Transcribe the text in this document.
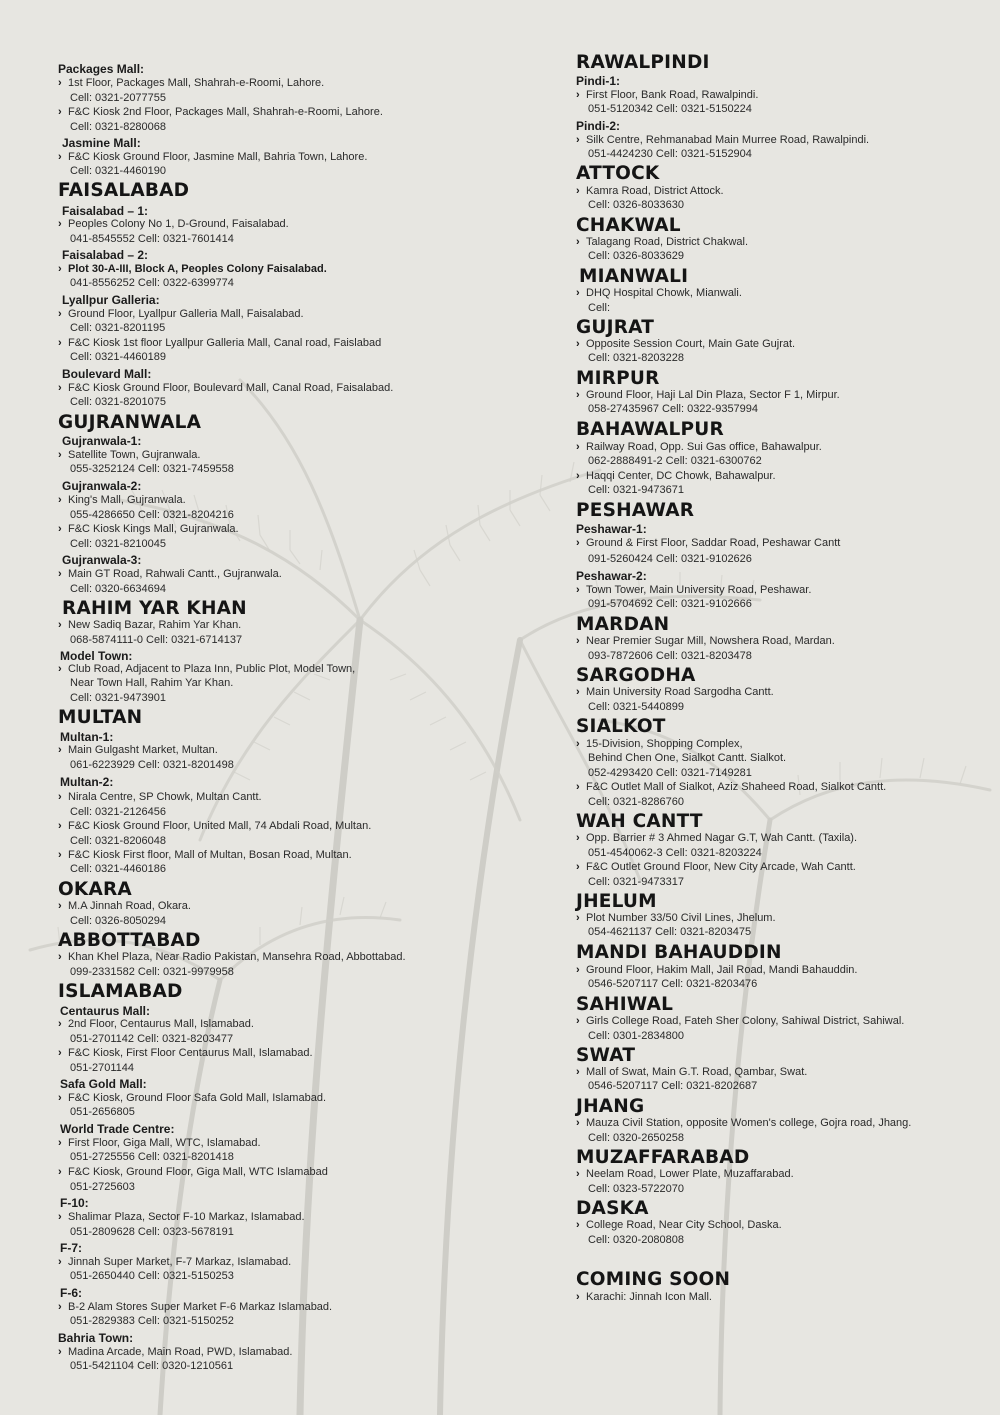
Packages Mall:
› 1st Floor, Packages Mall, Shahrah-e-Roomi, Lahore.
Cell: 0321-2077755
› F&C Kiosk 2nd Floor, Packages Mall, Shahrah-e-Roomi, Lahore.
Cell: 0321-8280068
Jasmine Mall:
› F&C Kiosk Ground Floor, Jasmine Mall, Bahria Town, Lahore.
Cell: 0321-4460190
FAISALABAD
Faisalabad – 1:
› Peoples Colony No 1, D-Ground, Faisalabad.
041-8545552 Cell: 0321-7601414
Faisalabad – 2:
› Plot 30-A-III, Block A, Peoples Colony Faisalabad.
041-8556252 Cell: 0322-6399774
Lyallpur Galleria:
› Ground Floor, Lyallpur Galleria Mall, Faisalabad.
Cell: 0321-8201195
› F&C Kiosk 1st floor Lyallpur Galleria Mall, Canal road, Faislabad
Cell: 0321-4460189
Boulevard Mall:
› F&C Kiosk Ground Floor, Boulevard Mall, Canal Road, Faisalabad.
Cell: 0321-8201075
GUJRANWALA
Gujranwala-1:
› Satellite Town, Gujranwala.
055-3252124 Cell: 0321-7459558
Gujranwala-2:
› King's Mall, Gujranwala.
055-4286650 Cell: 0321-8204216
› F&C Kiosk Kings Mall, Gujranwala.
Cell: 0321-8210045
Gujranwala-3:
› Main GT Road, Rahwali Cantt., Gujranwala.
Cell: 0320-6634694
RAHIM YAR KHAN
› New Sadiq Bazar, Rahim Yar Khan.
068-5874111-0 Cell: 0321-6714137
Model Town:
› Club Road, Adjacent to Plaza Inn, Public Plot, Model Town,
Near Town Hall, Rahim Yar Khan.
Cell: 0321-9473901
MULTAN
Multan-1:
› Main Gulgasht Market, Multan.
061-6223929 Cell: 0321-8201498
Multan-2:
› Nirala Centre, SP Chowk, Multan Cantt.
Cell: 0321-2126456
› F&C Kiosk Ground Floor, United Mall, 74 Abdali Road, Multan.
Cell: 0321-8206048
› F&C Kiosk First floor, Mall of Multan, Bosan Road, Multan.
Cell: 0321-4460186
OKARA
› M.A Jinnah Road, Okara.
Cell: 0326-8050294
ABBOTTABAD
› Khan Khel Plaza, Near Radio Pakistan, Mansehra Road, Abbottabad.
099-2331582 Cell: 0321-9979958
ISLAMABAD
Centaurus Mall:
› 2nd Floor, Centaurus Mall, Islamabad.
051-2701142 Cell: 0321-8203477
› F&C Kiosk, First Floor Centaurus Mall, Islamabad.
051-2701144
Safa Gold Mall:
› F&C Kiosk, Ground Floor Safa Gold Mall, Islamabad.
051-2656805
World Trade Centre:
› First Floor, Giga Mall, WTC, Islamabad.
051-2725556 Cell: 0321-8201418
› F&C Kiosk, Ground Floor, Giga Mall, WTC Islamabad
051-2725603
F-10:
› Shalimar Plaza, Sector F-10 Markaz, Islamabad.
051-2809628 Cell: 0323-5678191
F-7:
› Jinnah Super Market, F-7 Markaz, Islamabad.
051-2650440 Cell: 0321-5150253
F-6:
› B-2 Alam Stores Super Market F-6 Markaz Islamabad.
051-2829383 Cell: 0321-5150252
Bahria Town:
› Madina Arcade, Main Road, PWD, Islamabad.
051-5421104 Cell: 0320-1210561
RAWALPINDI
Pindi-1:
› First Floor, Bank Road, Rawalpindi.
051-5120342 Cell: 0321-5150224
Pindi-2:
› Silk Centre, Rehmanabad Main Murree Road, Rawalpindi.
051-4424230 Cell: 0321-5152904
ATTOCK
› Kamra Road, District Attock.
Cell: 0326-8033630
CHAKWAL
› Talagang Road, District Chakwal.
Cell: 0326-8033629
MIANWALI
› DHQ Hospital Chowk, Mianwali.
Cell:
GUJRAT
› Opposite Session Court, Main Gate Gujrat.
Cell: 0321-8203228
MIRPUR
› Ground Floor, Haji Lal Din Plaza, Sector F 1, Mirpur.
058-27435967 Cell: 0322-9357994
BAHAWALPUR
› Railway Road, Opp. Sui Gas office, Bahawalpur.
062-2888491-2 Cell: 0321-6300762
› Haqqi Center, DC Chowk, Bahawalpur.
Cell: 0321-9473671
PESHAWAR
Peshawar-1:
› Ground & First Floor, Saddar Road, Peshawar Cantt
091-5260424 Cell: 0321-9102626
Peshawar-2:
› Town Tower, Main University Road, Peshawar.
091-5704692 Cell: 0321-9102666
MARDAN
› Near Premier Sugar Mill, Nowshera Road, Mardan.
093-7872606 Cell: 0321-8203478
SARGODHA
› Main University Road Sargodha Cantt.
Cell: 0321-5440899
SIALKOT
› 15-Division, Shopping Complex,
Behind Chen One, Sialkot Cantt. Sialkot.
052-4293420 Cell: 0321-7149281
› F&C Outlet Mall of Sialkot, Aziz Shaheed Road, Sialkot Cantt.
Cell: 0321-8286760
WAH CANTT
› Opp. Barrier # 3 Ahmed Nagar G.T, Wah Cantt. (Taxila).
051-4540062-3 Cell: 0321-8203224
› F&C Outlet Ground Floor, New City Arcade, Wah Cantt.
Cell: 0321-9473317
JHELUM
› Plot Number 33/50 Civil Lines, Jhelum.
054-4621137 Cell: 0321-8203475
MANDI BAHAUDDIN
› Ground Floor, Hakim Mall, Jail Road, Mandi Bahauddin.
0546-5207117 Cell: 0321-8203476
SAHIWAL
› Girls College Road, Fateh Sher Colony, Sahiwal District, Sahiwal.
Cell: 0301-2834800
SWAT
› Mall of Swat, Main G.T. Road, Qambar, Swat.
0546-5207117 Cell: 0321-8202687
JHANG
› Mauza Civil Station, opposite Women's college, Gojra road, Jhang.
Cell: 0320-2650258
MUZAFFARABAD
› Neelam Road, Lower Plate, Muzaffarabad.
Cell: 0323-5722070
DASKA
› College Road, Near City School, Daska.
Cell: 0320-2080808
COMING SOON
› Karachi: Jinnah Icon Mall.
